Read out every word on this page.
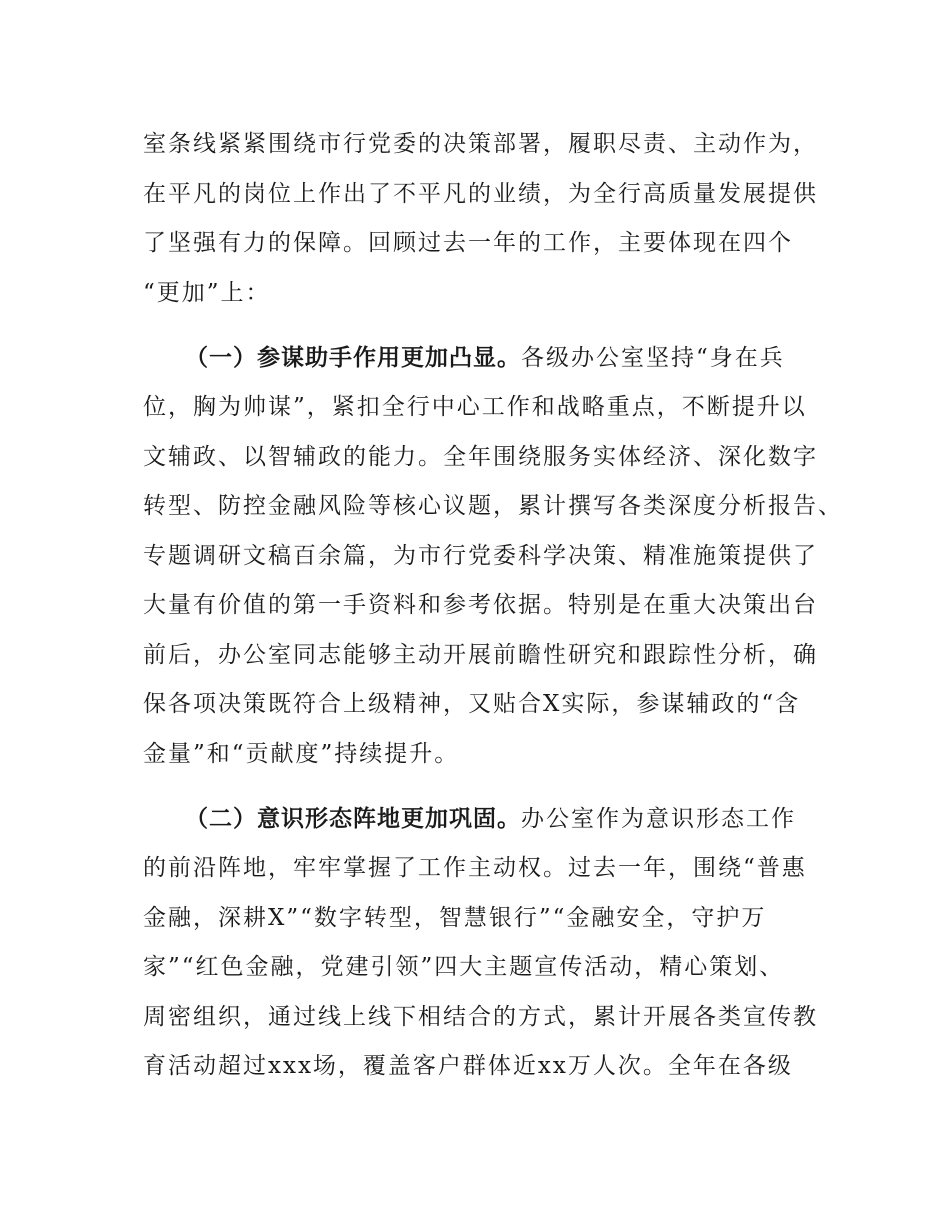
室条线紧紧围绕市行党委的决策部署，履职尽责、主动作为，
在平凡的岗位上作出了不平凡的业绩，为全行高质量发展提供
了坚强有力的保障。回顾过去一年的工作，主要体现在四个
“更加”上：
（一）参谋助手作用更加凸显。各级办公室坚持“身在兵
位，胸为帅谋”，紧扣全行中心工作和战略重点，不断提升以
文辅政、以智辅政的能力。全年围绕服务实体经济、深化数字
转型、防控金融风险等核心议题，累计撰写各类深度分析报告、
专题调研文稿百余篇，为市行党委科学决策、精准施策提供了
大量有价值的第一手资料和参考依据。特别是在重大决策出台
前后，办公室同志能够主动开展前瞻性研究和跟踪性分析，确
保各项决策既符合上级精神，又贴合X实际，参谋辅政的“含
金量”和“贡献度”持续提升。
（二）意识形态阵地更加巩固。办公室作为意识形态工作
的前沿阵地，牢牢掌握了工作主动权。过去一年，围绕“普惠
金融，深耕X”“数字转型，智慧银行”“金融安全，守护万
家”“红色金融，党建引领”四大主题宣传活动，精心策划、
周密组织，通过线上线下相结合的方式，累计开展各类宣传教
育活动超过xxx场，覆盖客户群体近xx万人次。全年在各级
